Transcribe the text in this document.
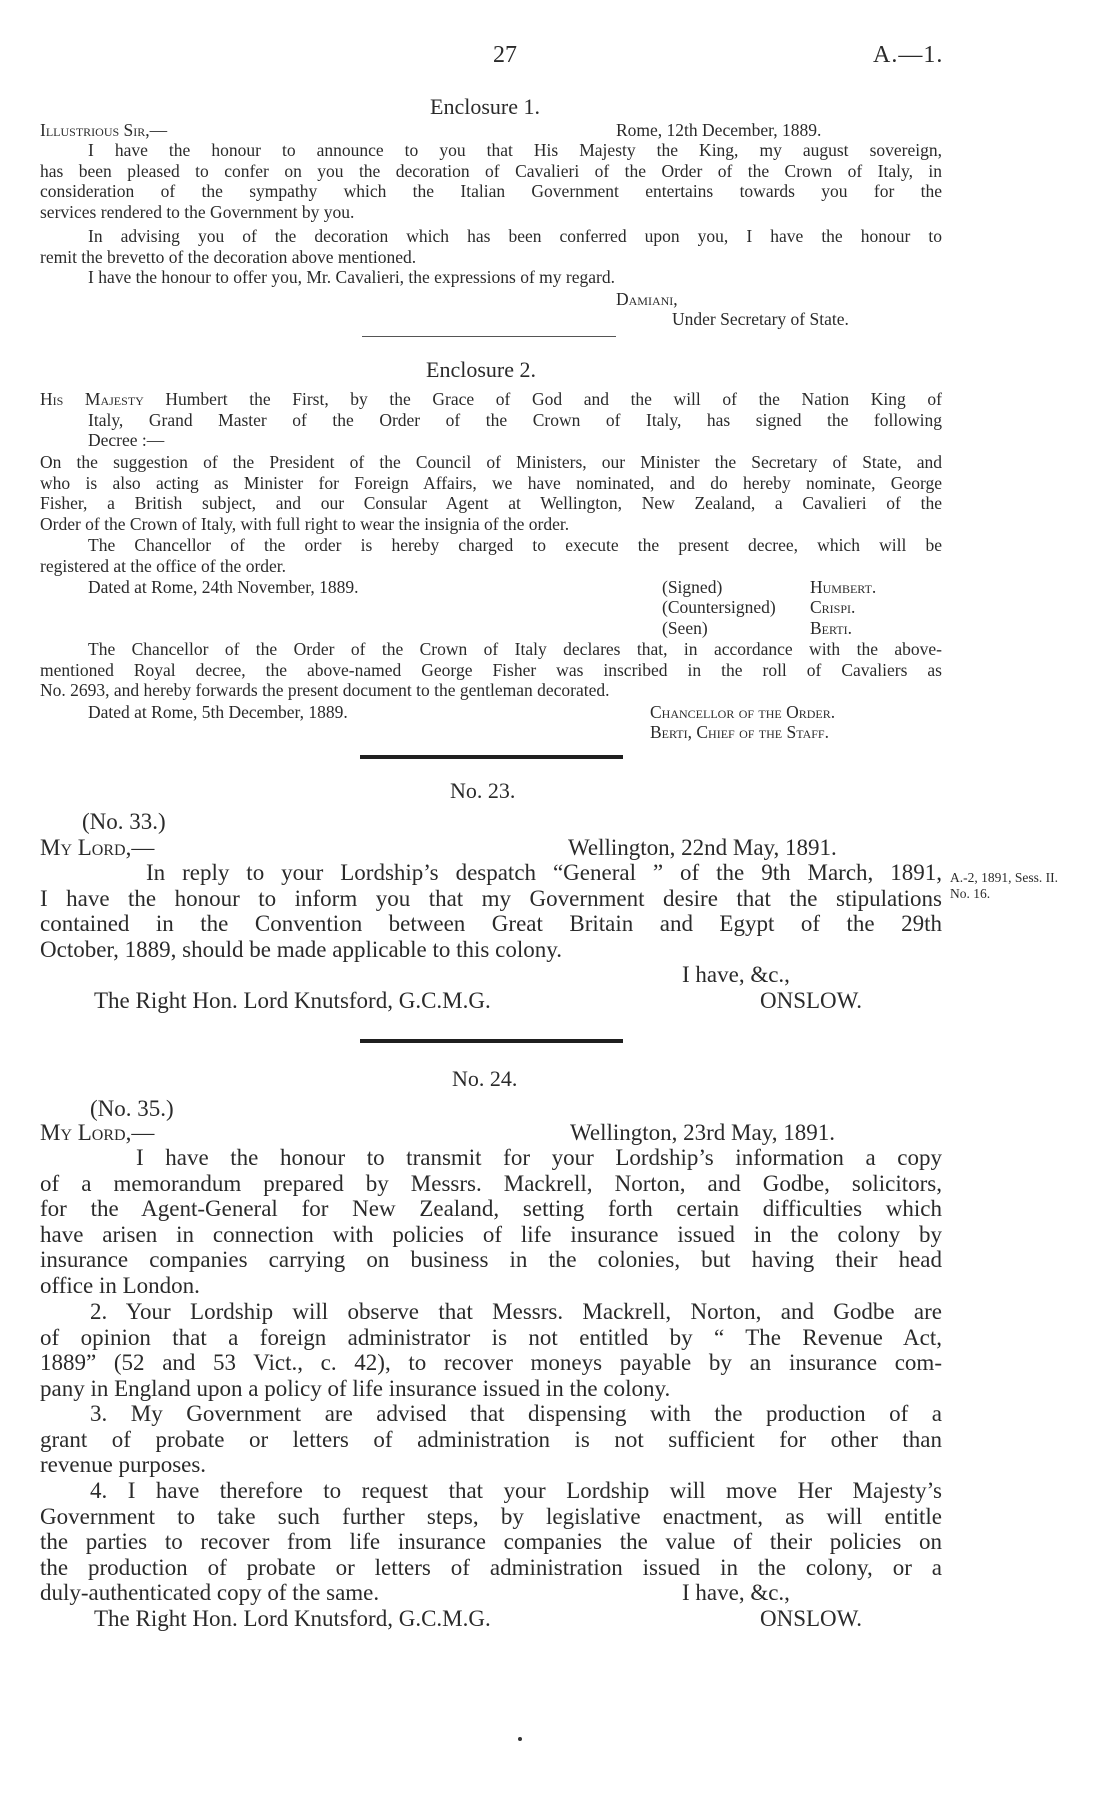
27	A.—1.
Enclosure 1.
Illustrious Sir,—	Rome, 12th December, 1889.
I have the honour to announce to you that His Majesty the King, my august sovereign,
has been pleased to confer on you the decoration of Cavalieri of the Order of the Crown of Italy, in
consideration of the sympathy which the Italian Government entertains towards you for the
services rendered to the Government by you.
In advising you of the decoration which has been conferred upon you, I have the honour to
remit the brevetto of the decoration above mentioned.
I have the honour to offer you, Mr. Cavalieri, the expressions of my regard.
Damiani,
Under Secretary of State.
Enclosure 2.
His Majesty Humbert the First, by the Grace of God and the will of the Nation King of
Italy, Grand Master of the Order of the Crown of Italy, has signed the following
Decree :—
On the suggestion of the President of the Council of Ministers, our Minister the Secretary of State, and
who is also acting as Minister for Foreign Affairs, we have nominated, and do hereby nominate, George
Fisher, a British subject, and our Consular Agent at Wellington, New Zealand, a Cavalieri of the
Order of the Crown of Italy, with full right to wear the insignia of the order.
The Chancellor of the order is hereby charged to execute the present decree, which will be
registered at the office of the order.
Dated at Rome, 24th November, 1889.	(Signed)	Humbert.
(Countersigned) Crispi.
(Seen)	Berti.
The Chancellor of the Order of the Crown of Italy declares that, in accordance with the above-
mentioned Royal decree, the above-named George Fisher was inscribed in the roll of Cavaliers as
No. 2693, and hereby forwards the present document to the gentleman decorated.
Dated at Rome, 5th December, 1889.	Chancellor of the Order.
Berti, Chief of the Staff.
No. 23.
(No. 33.)
My Lord,—	Wellington, 22nd May, 1891.
In reply to your Lordship’s despatch “General ” of the 9th March, 1891,
I have the honour to inform you that my Government desire that the stipulations
contained in the Convention between Great Britain and Egypt of the 29th
October, 1889, should be made applicable to this colony.
A.-2, 1891, Sess. II.
No. 16.
I have, &c.,
The Right Hon. Lord Knutsford, G.C.M.G.	ONSLOW.
No. 24.
(No. 35.)
My Lord,—	Wellington, 23rd May, 1891.
I have the honour to transmit for your Lordship’s information a copy
of a memorandum prepared by Messrs. Mackrell, Norton, and Godbe, solicitors,
for the Agent-General for New Zealand, setting forth certain difficulties which
have arisen in connection with policies of life insurance issued in the colony by
insurance companies carrying on business in the colonies, but having their head
office in London.
2. Your Lordship will observe that Messrs. Mackrell, Norton, and Godbe are
of opinion that a foreign administrator is not entitled by “ The Revenue Act,
1889” (52 and 53 Vict., c. 42), to recover moneys payable by an insurance com-
pany in England upon a policy of life insurance issued in the colony.
3. My Government are advised that dispensing with the production of a
grant of probate or letters of administration is not sufficient for other than
revenue purposes.
4. I have therefore to request that your Lordship will move Her Majesty’s
Government to take such further steps, by legislative enactment, as will entitle
the parties to recover from life insurance companies the value of their policies on
the production of probate or letters of administration issued in the colony, or a
duly-authenticated copy of the same.	I have, &c.,
The Right Hon. Lord Knutsford, G.C.M.G.	ONSLOW.
